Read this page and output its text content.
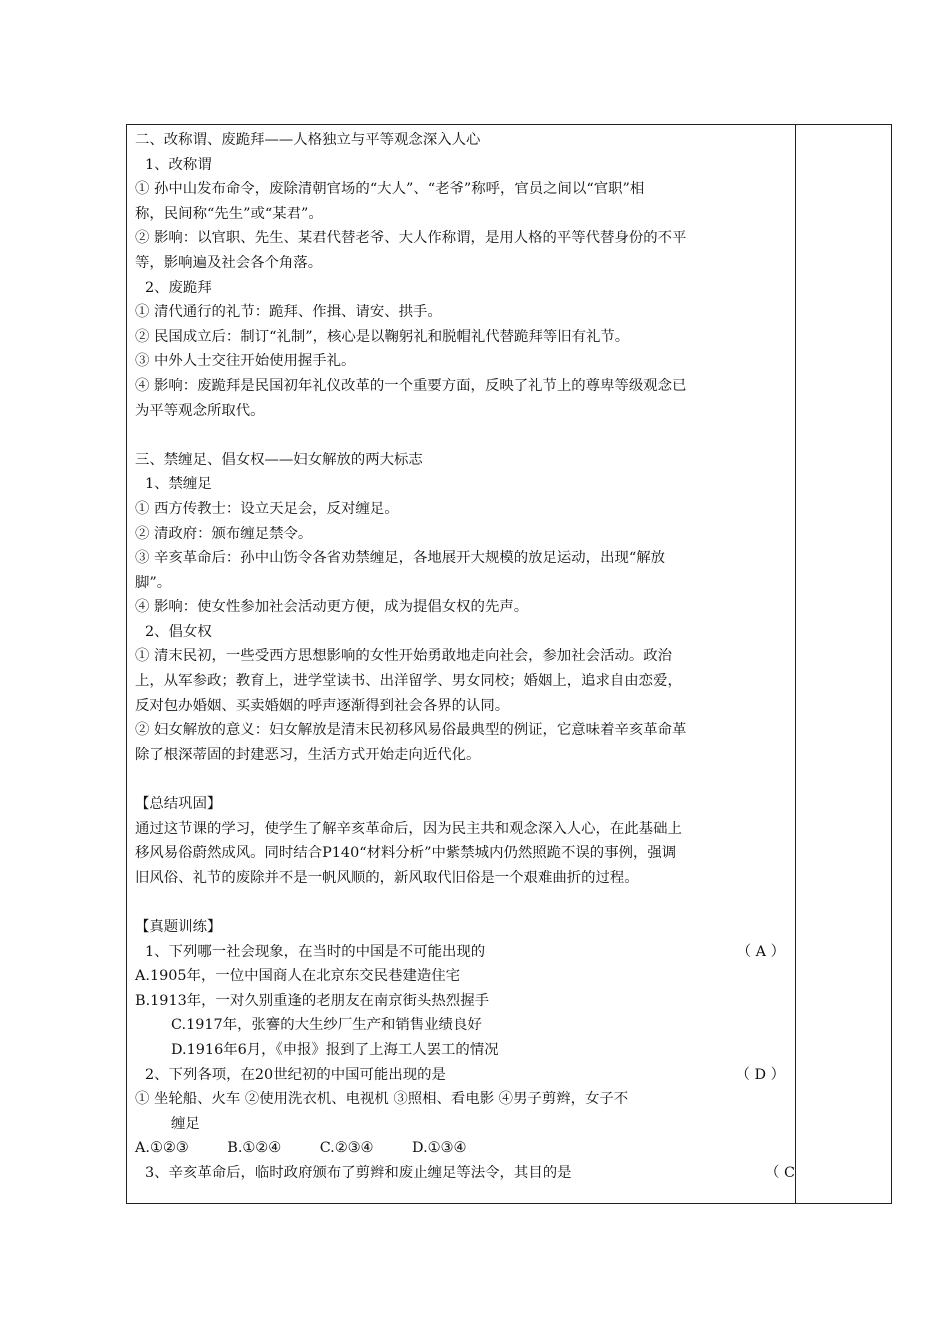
二、改称谓、废跪拜——人格独立与平等观念深入人心
1、改称谓
① 孙中山发布命令，废除清朝官场的“大人”、“老爷”称呼，官员之间以“官职”相
称，民间称“先生”或“某君”。
② 影响：以官职、先生、某君代替老爷、大人作称谓，是用人格的平等代替身份的不平
等，影响遍及社会各个角落。
2、废跪拜
① 清代通行的礼节：跪拜、作揖、请安、拱手。
② 民国成立后：制订“礼制”，核心是以鞠躬礼和脱帽礼代替跪拜等旧有礼节。
③ 中外人士交往开始使用握手礼。
④ 影响：废跪拜是民国初年礼仪改革的一个重要方面，反映了礼节上的尊卑等级观念已
为平等观念所取代。
三、禁缠足、倡女权——妇女解放的两大标志
1、禁缠足
① 西方传教士：设立天足会，反对缠足。
② 清政府：颁布缠足禁令。
③ 辛亥革命后：孙中山饬令各省劝禁缠足，各地展开大规模的放足运动，出现“解放
脚”。
④ 影响：使女性参加社会活动更方便，成为提倡女权的先声。
2、倡女权
① 清末民初，一些受西方思想影响的女性开始勇敢地走向社会，参加社会活动。政治
上，从军参政；教育上，进学堂读书、出洋留学、男女同校；婚姻上，追求自由恋爱，
反对包办婚姻、买卖婚姻的呼声逐渐得到社会各界的认同。
② 妇女解放的意义：妇女解放是清末民初移风易俗最典型的例证，它意味着辛亥革命革
除了根深蒂固的封建恶习，生活方式开始走向近代化。
【总结巩固】
通过这节课的学习，使学生了解辛亥革命后，因为民主共和观念深入人心，在此基础上
移风易俗蔚然成风。同时结合P140“材料分析”中紫禁城内仍然照跪不误的事例，强调
旧风俗、礼节的废除并不是一帆风顺的，新风取代旧俗是一个艰难曲折的过程。
【真题训练】
1、下列哪一社会现象，在当时的中国是不可能出现的	（ A ）
A.1905年，一位中国商人在北京东交民巷建造住宅
B.1913年，一对久别重逢的老朋友在南京街头热烈握手
C.1917年，张謇的大生纱厂生产和销售业绩良好
D.1916年6月，《申报》报到了上海工人罢工的情况
2、下列各项，在20世纪初的中国可能出现的是	（ D ）
① 坐轮船、火车 ②使用洗衣机、电视机 ③照相、看电影 ④男子剪辫，女子不
缠足
A.①②③	B.①②④	C.②③④	D.①③④
3、辛亥革命后，临时政府颁布了剪辫和废止缠足等法令，其目的是	（ C
